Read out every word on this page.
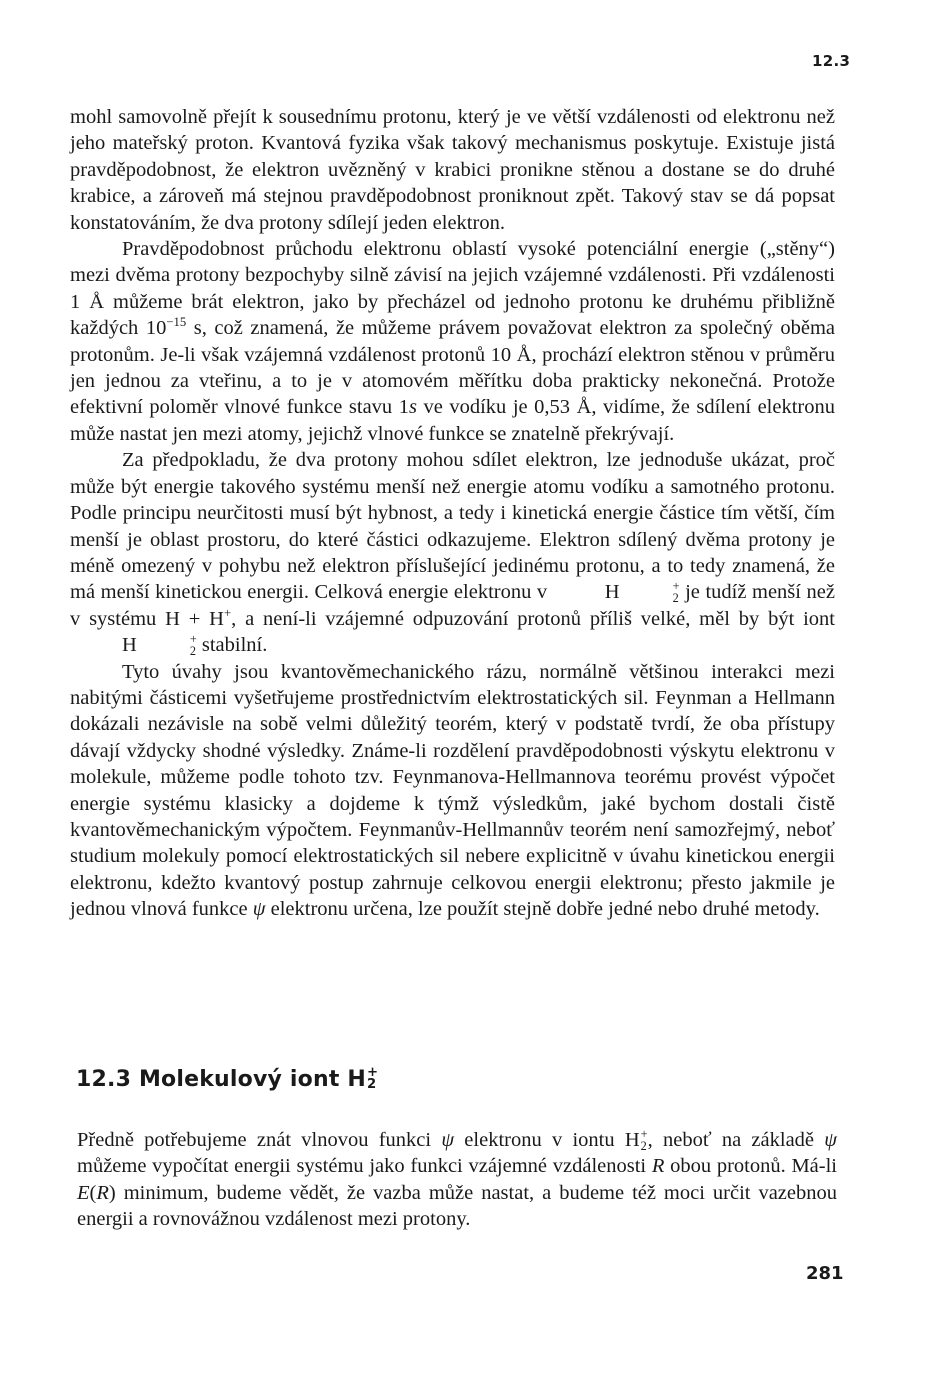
12.3

mohl samovolně přejít k sousednímu protonu, který je ve větší vzdálenosti od elektronu než jeho mateřský proton. Kvantová fyzika však takový mechanismus poskytuje. Existuje jistá pravděpodobnost, že elektron uvězněný v krabici pronikne stěnou a dostane se do druhé krabice, a zároveň má stejnou pravděpodobnost proniknout zpět. Takový stav se dá popsat konstatováním, že dva protony sdílejí jeden elektron.

Pravděpodobnost průchodu elektronu oblastí vysoké potenciální energie („stěny“) mezi dvěma protony bezpochyby silně závisí na jejich vzájemné vzdálenosti. Při vzdálenosti 1 Å můžeme brát elektron, jako by přecházel od jednoho protonu ke druhému přibližně každých $10^{-15}$ s, což znamená, že můžeme právem považovat elektron za společný oběma protonům. Je-li však vzájemná vzdálenost protonů 10 Å, prochází elektron stěnou v průměru jen jednou za vteřinu, a to je v atomovém měřítku doba prakticky nekonečná. Protože efektivní poloměr vlnové funkce stavu 1s ve vodíku je 0,53 Å, vidíme, že sdílení elektronu může nastat jen mezi atomy, jejichž vlnové funkce se znatelně překrývají.

Za předpokladu, že dva protony mohou sdílet elektron, lze jednoduše ukázat, proč může být energie takového systému menší než energie atomu vodíku a samotného protonu. Podle principu neurčitosti musí být hybnost, a tedy i kinetická energie částice tím větší, čím menší je oblast prostoru, do které částici odkazujeme. Elektron sdílený dvěma protony je méně omezený v pohybu než elektron příslušející jedinému protonu, a to tedy znamená, že má menší kinetickou energii. Celková energie elektronu v	H	+
2 je tudíž menší než v systému H + H+, a není-li vzájemné odpuzování protonů příliš velké, měl by být iont H	+
2 stabilní.

Tyto úvahy jsou kvantověmechanického rázu, normálně většinou interakci mezi nabitými částicemi vyšetřujeme prostřednictvím elektrostatických sil. Feynman a Hellmann dokázali nezávisle na sobě velmi důležitý teorém, který v podstatě tvrdí, že oba přístupy dávají vždycky shodné výsledky. Známe-li rozdělení pravděpodobnosti výskytu elektronu v molekule, můžeme podle tohoto tzv. Feynmanova-Hellmannova teorému provést výpočet energie systému klasicky a dojdeme k týmž výsledkům, jaké bychom dostali čistě kvantověmechanickým výpočtem. Feynmanův-Hellmannův teorém není samozřejmý, neboť studium molekuly pomocí elektrostatických sil nebere explicitně v úvahu kinetickou energii elektronu, kdežto kvantový postup zahrnuje celkovou energii elektronu; přesto jakmile je jednou vlnová funkce ψ elektronu určena, lze použít stejně dobře jedné nebo druhé metody.

12.3 Molekulový iont H +
2

Předně potřebujeme znát vlnovou funkci ψ elektronu v iontu H +
2 , neboť na základě ψ můžeme vypočítat energii systému jako funkci vzájemné vzdálenosti R obou protonů. Má-li E(R) minimum, budeme vědět, že vazba může nastat, a budeme též moci určit vazebnou energii a rovnovážnou vzdálenost mezi protony.

281
